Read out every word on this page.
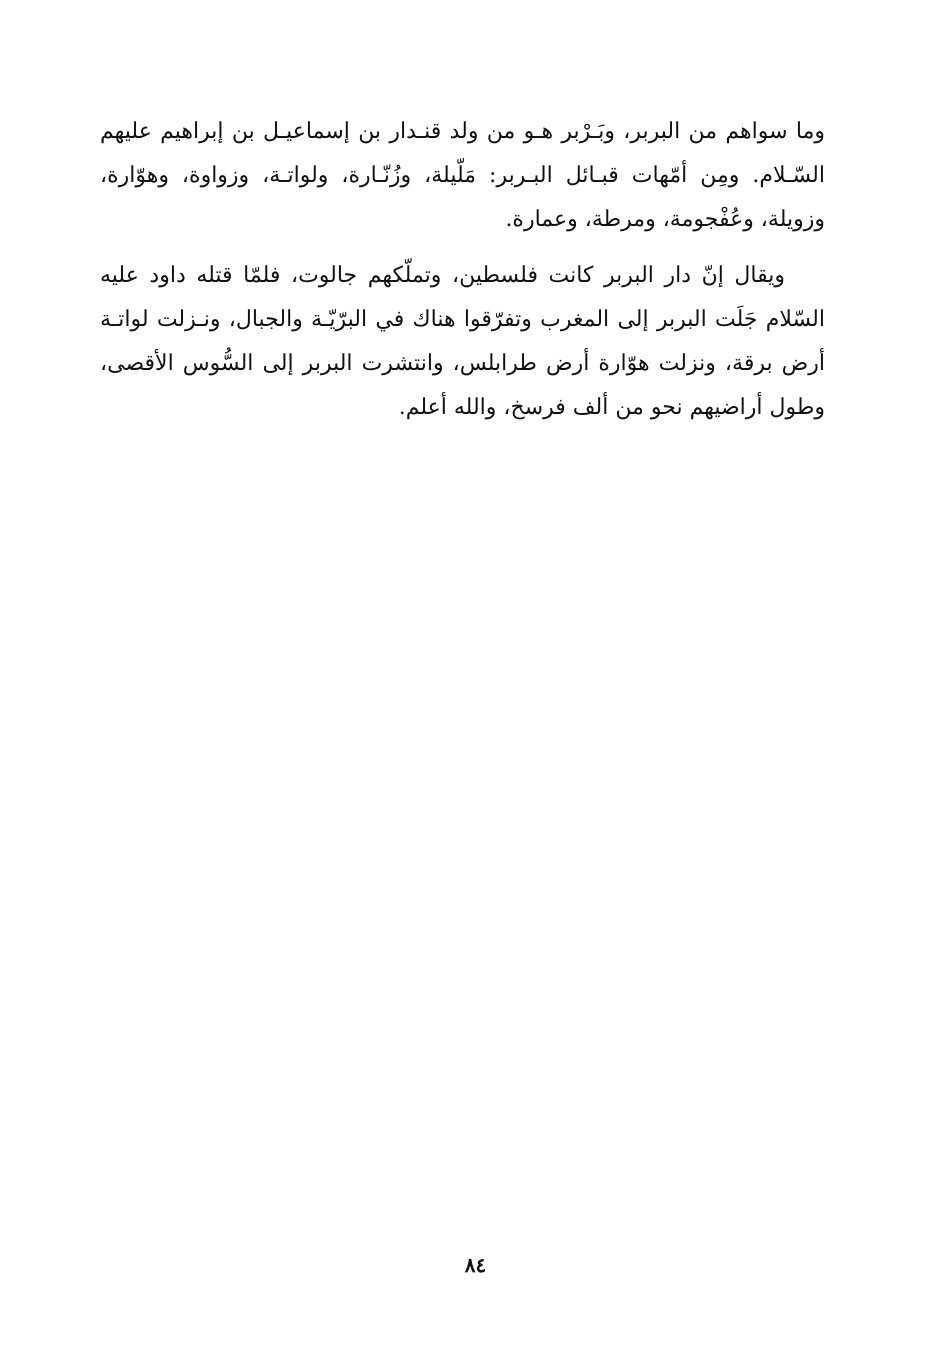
وما سواهم من البربر، وبَـرْبر هـو من ولد قنـدار بن إسماعيـل بن إبراهيم عليهم
السّـلام. ومِن أمّهات قبـائل البـربر: مَلّيلة، وزُنّـارة، ولواتـة، وزواوة، وهوّارة،
وزويلة، وعُفْجومة، ومرطة، وعمارة.
ويقال إنّ دار البربر كانت فلسطين، وتملّكهم جالوت، فلمّا قتله داود عليه
السّلام جَلَت البربر إلى المغرب وتفرّقوا هناك في البرّيّـة والجبال، ونـزلت لواتـة
أرض برقة، ونزلت هوّارة أرض طرابلس، وانتشرت البربر إلى السُّوس الأقصى،
وطول أراضيهم نحو من ألف فرسخ، والله أعلم.
٨٤
